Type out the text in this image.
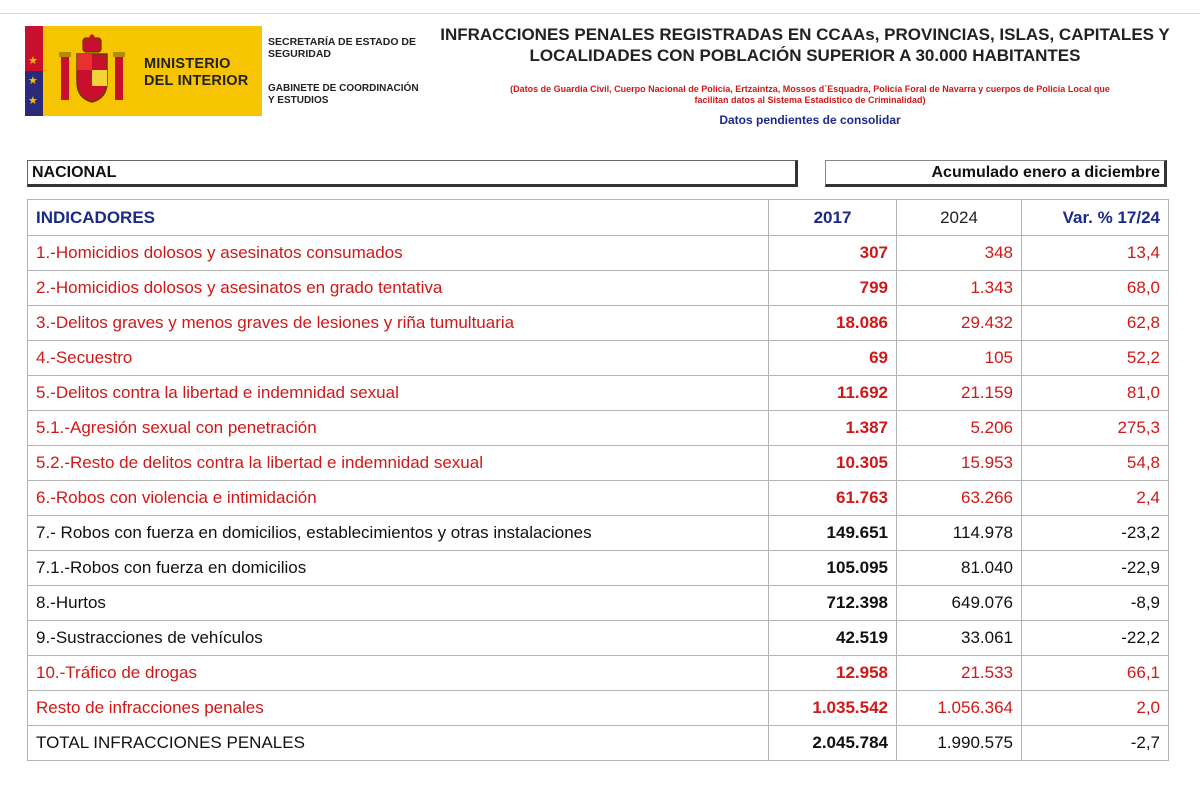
★
★
★
MINISTERIO
DEL INTERIOR
SECRETARÍA DE ESTADO DE
SEGURIDAD
GABINETE DE COORDINACIÓN
Y ESTUDIOS
INFRACCIONES PENALES REGISTRADAS EN CCAAs, PROVINCIAS, ISLAS, CAPITALES Y
LOCALIDADES CON POBLACIÓN SUPERIOR A 30.000 HABITANTES
(Datos de Guardia Civil, Cuerpo Nacional de Policía, Ertzaintza, Mossos d´Esquadra, Policía Foral de Navarra y cuerpos de Policía Local que
facilitan datos al Sistema Estadístico de Criminalidad)
Datos pendientes de consolidar
NACIONAL	Acumulado enero a diciembre
INDICADORES	2017	2024	Var. % 17/24
1.-Homicidios dolosos y asesinatos consumados	307	348	13,4
2.-Homicidios dolosos y asesinatos en grado tentativa	799	1.343	68,0
3.-Delitos graves y menos graves de lesiones y riña tumultuaria	18.086	29.432	62,8
4.-Secuestro	69	105	52,2
5.-Delitos contra la libertad e indemnidad sexual	11.692	21.159	81,0
5.1.-Agresión sexual con penetración	1.387	5.206	275,3
5.2.-Resto de delitos contra la libertad e indemnidad sexual	10.305	15.953	54,8
6.-Robos con violencia e intimidación	61.763	63.266	2,4
7.- Robos con fuerza en domicilios, establecimientos y otras instalaciones	149.651	114.978	-23,2
7.1.-Robos con fuerza en domicilios	105.095	81.040	-22,9
8.-Hurtos	712.398	649.076	-8,9
9.-Sustracciones de vehículos	42.519	33.061	-22,2
10.-Tráfico de drogas	12.958	21.533	66,1
Resto de infracciones penales	1.035.542	1.056.364	2,0
TOTAL INFRACCIONES PENALES	2.045.784	1.990.575	-2,7
